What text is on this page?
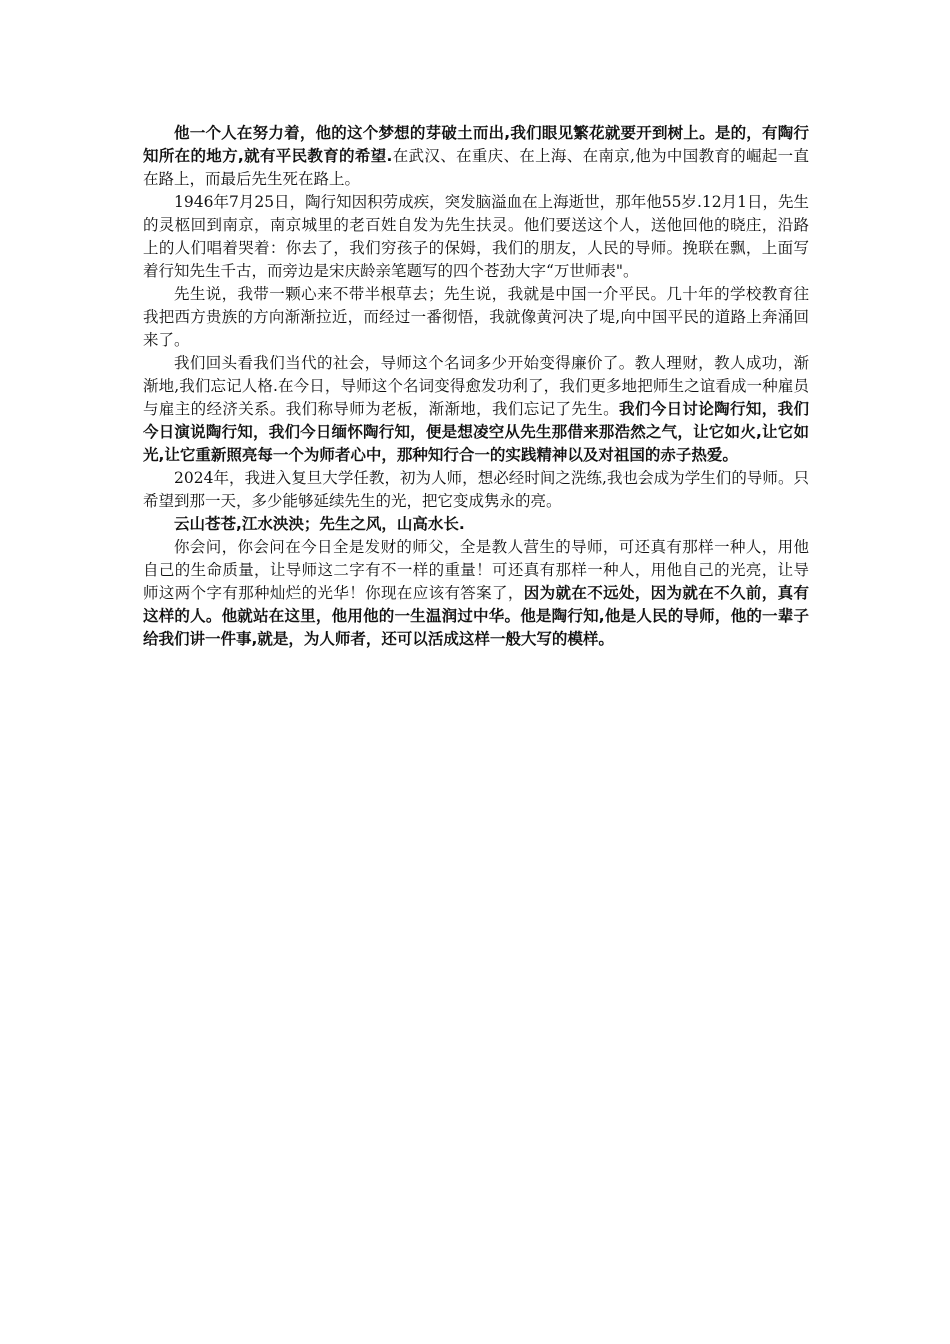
他一个人在努力着，他的这个梦想的芽破土而出,我们眼见繁花就要开到树上。是的，有陶行知所在的地方,就有平民教育的希望.在武汉、在重庆、在上海、在南京,他为中国教育的崛起一直在路上，而最后先生死在路上。

1946年7月25日，陶行知因积劳成疾，突发脑溢血在上海逝世，那年他55岁.12月1日，先生的灵柩回到南京，南京城里的老百姓自发为先生扶灵。他们要送这个人，送他回他的晓庄，沿路上的人们唱着哭着：你去了，我们穷孩子的保姆，我们的朋友，人民的导师。挽联在飘，上面写着行知先生千古，而旁边是宋庆龄亲笔题写的四个苍劲大字“万世师表"。

先生说，我带一颗心来不带半根草去；先生说，我就是中国一介平民。几十年的学校教育往我把西方贵族的方向渐渐拉近，而经过一番彻悟，我就像黄河决了堤,向中国平民的道路上奔涌回来了。

我们回头看我们当代的社会，导师这个名词多少开始变得廉价了。教人理财，教人成功，渐渐地,我们忘记人格.在今日，导师这个名词变得愈发功利了，我们更多地把师生之谊看成一种雇员与雇主的经济关系。我们称导师为老板，渐渐地，我们忘记了先生。我们今日讨论陶行知，我们今日演说陶行知，我们今日缅怀陶行知，便是想凌空从先生那借来那浩然之气，让它如火,让它如光,让它重新照亮每一个为师者心中，那种知行合一的实践精神以及对祖国的赤子热爱。

2024年，我进入复旦大学任教，初为人师，想必经时间之洗练,我也会成为学生们的导师。只希望到那一天，多少能够延续先生的光，把它变成隽永的亮。

云山苍苍,江水泱泱；先生之风，山高水长.

你会问，你会问在今日全是发财的师父，全是教人营生的导师，可还真有那样一种人，用他自己的生命质量，让导师这二字有不一样的重量！可还真有那样一种人，用他自己的光亮，让导师这两个字有那种灿烂的光华！你现在应该有答案了，因为就在不远处，因为就在不久前，真有这样的人。他就站在这里，他用他的一生温润过中华。他是陶行知,他是人民的导师，他的一辈子给我们讲一件事,就是，为人师者，还可以活成这样一般大写的模样。
